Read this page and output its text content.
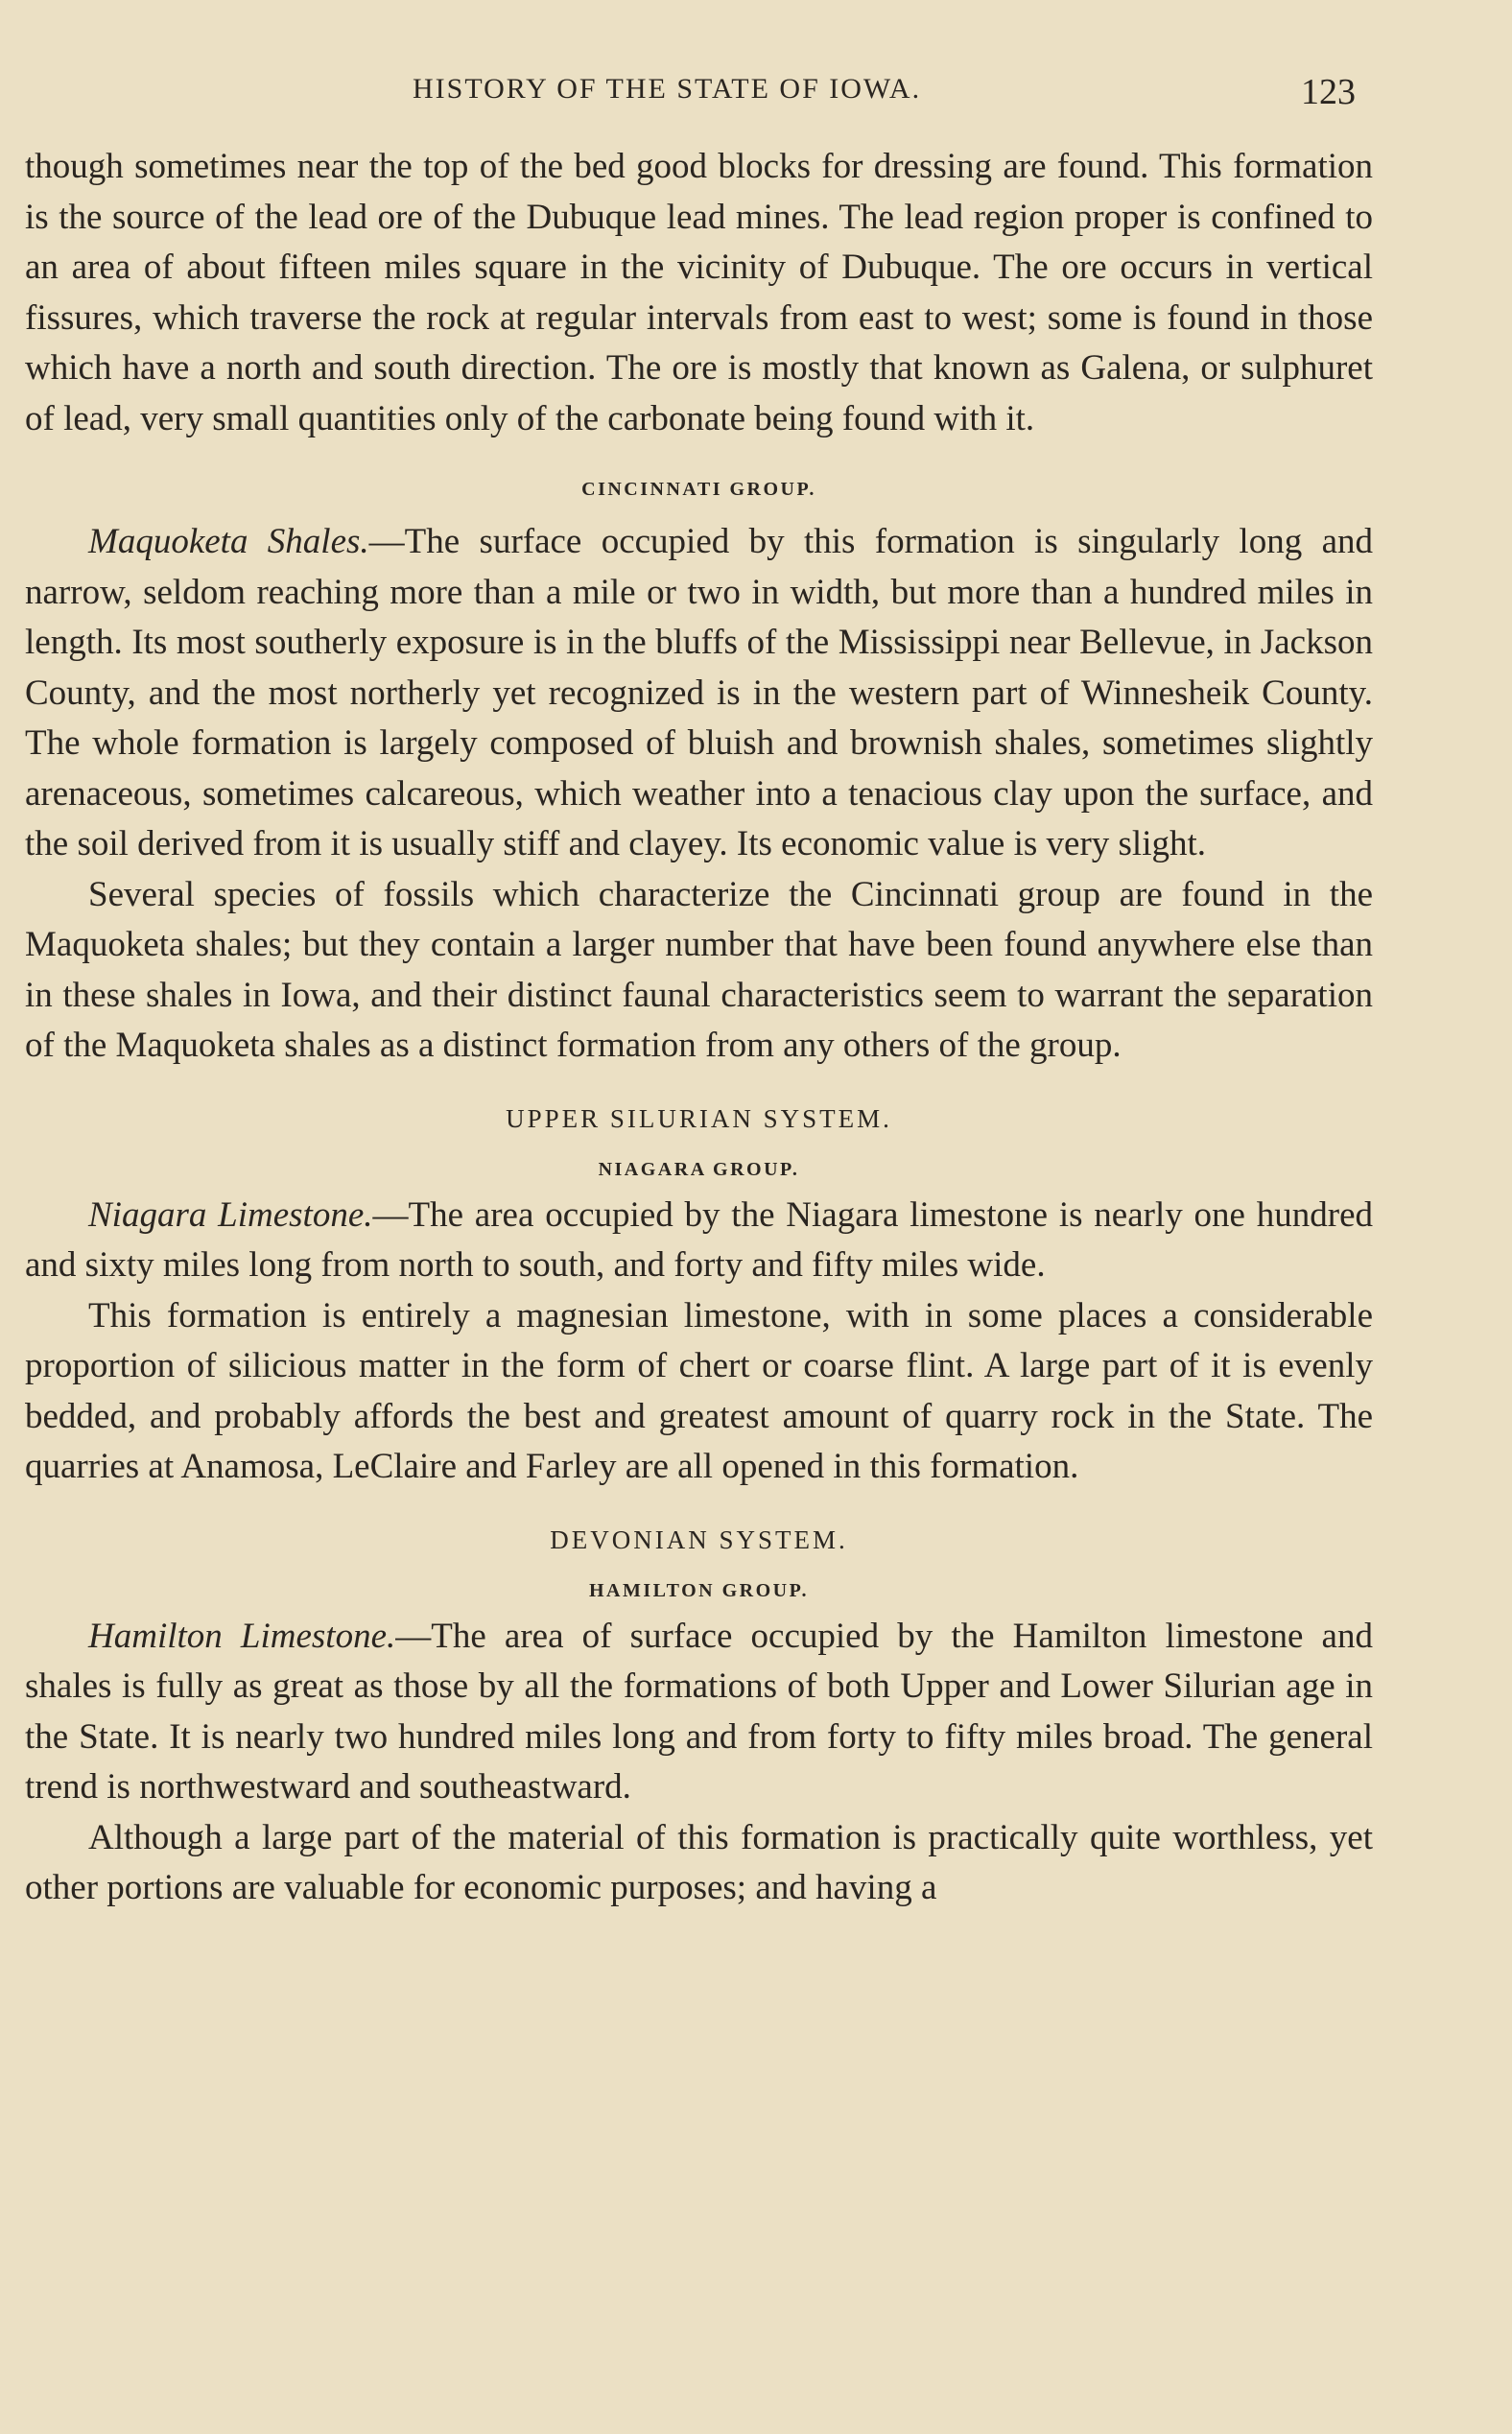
HISTORY OF THE STATE OF IOWA.	123

though sometimes near the top of the bed good blocks for dressing are found. This formation is the source of the lead ore of the Dubuque lead mines. The lead region proper is confined to an area of about fifteen miles square in the vicinity of Dubuque. The ore occurs in vertical fissures, which traverse the rock at regular intervals from east to west; some is found in those which have a north and south direction. The ore is mostly that known as Galena, or sulphuret of lead, very small quantities only of the carbonate being found with it.

CINCINNATI GROUP.

Maquoketa Shales.—The surface occupied by this formation is singularly long and narrow, seldom reaching more than a mile or two in width, but more than a hundred miles in length. Its most southerly exposure is in the bluffs of the Mississippi near Bellevue, in Jackson County, and the most northerly yet recognized is in the western part of Winnesheik County. The whole formation is largely composed of bluish and brownish shales, sometimes slightly arenaceous, sometimes calcareous, which weather into a tenacious clay upon the surface, and the soil derived from it is usually stiff and clayey. Its economic value is very slight.

Several species of fossils which characterize the Cincinnati group are found in the Maquoketa shales; but they contain a larger number that have been found anywhere else than in these shales in Iowa, and their distinct faunal characteristics seem to warrant the separation of the Maquoketa shales as a distinct formation from any others of the group.

UPPER SILURIAN SYSTEM.
NIAGARA GROUP.

Niagara Limestone.—The area occupied by the Niagara limestone is nearly one hundred and sixty miles long from north to south, and forty and fifty miles wide.

This formation is entirely a magnesian limestone, with in some places a considerable proportion of silicious matter in the form of chert or coarse flint. A large part of it is evenly bedded, and probably affords the best and greatest amount of quarry rock in the State. The quarries at Anamosa, LeClaire and Farley are all opened in this formation.

DEVONIAN SYSTEM.
HAMILTON GROUP.

Hamilton Limestone.—The area of surface occupied by the Hamilton limestone and shales is fully as great as those by all the formations of both Upper and Lower Silurian age in the State. It is nearly two hundred miles long and from forty to fifty miles broad. The general trend is northwestward and southeastward.

Although a large part of the material of this formation is practically quite worthless, yet other portions are valuable for economic purposes; and having a
